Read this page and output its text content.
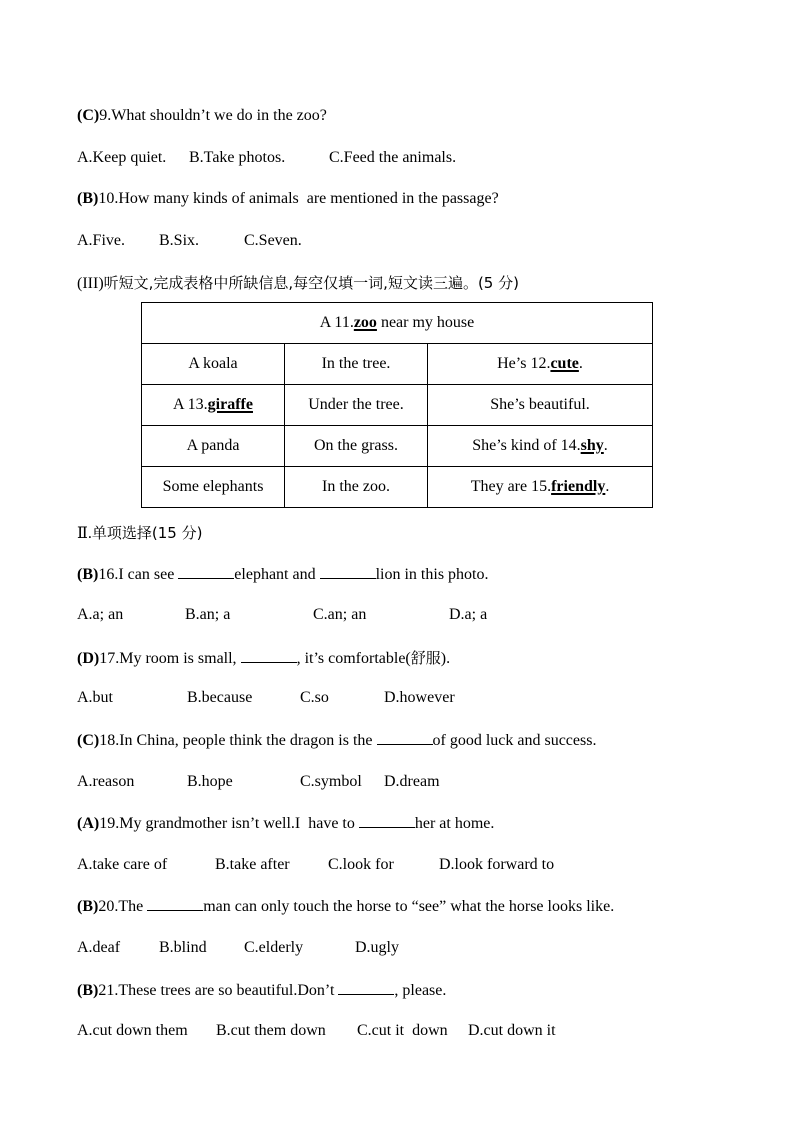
(C)9.What shouldn’t we do in the zoo?
A.Keep quiet. B.Take photos.	C.Feed the animals.
(B)10.How many kinds of animals  are mentioned in the passage?
A.Five. B.Six.	C.Seven.
(III)听短文,完成表格中所缺信息,每空仅填一词,短文读三遍。(5 分)
A 11.zoo near my house		
A koala	In the tree.	He’s 12.cute.
A 13.giraffe	Under the tree.	She’s beautiful.
A panda	On the grass.	She’s kind of 14.shy.
Some elephants	In the zoo.	They are 15.friendly.
Ⅱ.单项选择(15 分)
(B)16.I can see	elephant and	lion in this photo.
A.a; an	B.an; a	C.an; an	D.a; a
(D)17.My room is small,	, it’s comfortable(舒服).
A.but	B.because	C.so	D.however
(C)18.In China, people think the dragon is the	of good luck and success.
A.reason	B.hope	C.symbol D.dream
(A)19.My grandmother isn’t well.I  have to	her at home.
A.take care of	B.take after C.look for	D.look forward to
(B)20.The	man can only touch the horse to “see” what the horse looks like.
A.deaf B.blind C.elderly	D.ugly
(B)21.These trees are so beautiful.Don’t	, please.
A.cut down them B.cut them down C.cut it  down D.cut down it
